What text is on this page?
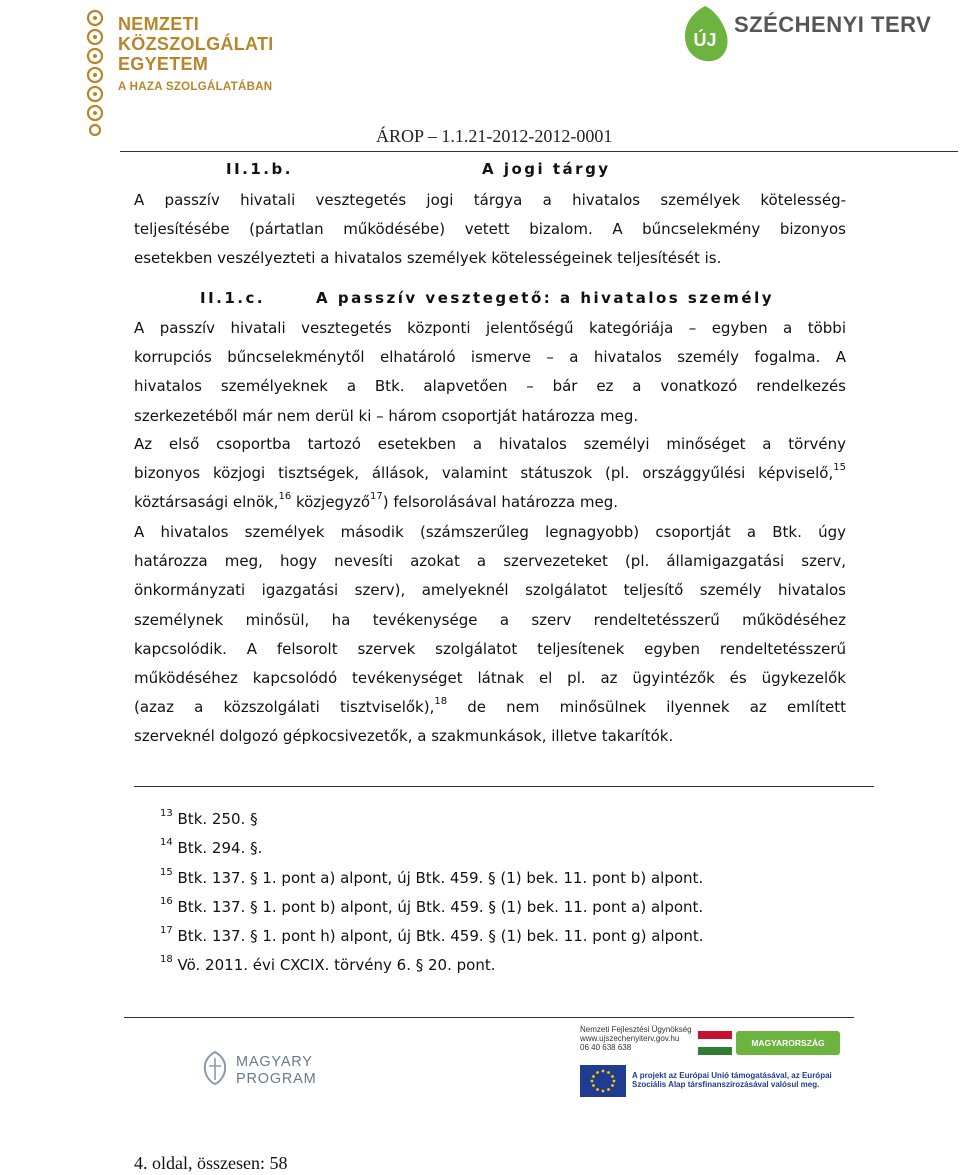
NEMZETI
KÖZSZOLGÁLATI
EGYETEM
A HAZA SZOLGÁLATÁBAN
ÚJ
SZÉCHENYI TERV
ÁROP – 1.1.21-2012-2012-0001
II.1.b.	A jogi tárgy
A passzív hivatali vesztegetés jogi tárgya a hivatalos személyek kötelesség-
teljesítésébe (pártatlan működésébe) vetett bizalom. A bűncselekmény bizonyos
esetekben veszélyezteti a hivatalos személyek kötelességeinek teljesítését is.
II.1.c.	A passzív vesztegető: a hivatalos személy
A passzív hivatali vesztegetés központi jelentőségű kategóriája – egyben a többi
korrupciós bűncselekménytől elhatároló ismerve – a hivatalos személy fogalma. A
hivatalos személyeknek a Btk. alapvetően – bár ez a vonatkozó rendelkezés
szerkezetéből már nem derül ki – három csoportját határozza meg.
Az első csoportba tartozó esetekben a hivatalos személyi minőséget a törvény
bizonyos közjogi tisztségek, állások, valamint státuszok (pl. országgyűlési képviselő,$^{15}$
köztársasági elnök,$^{16}$ közjegyző$^{17}$) felsorolásával határozza meg.
A hivatalos személyek második (számszerűleg legnagyobb) csoportját a Btk. úgy
határozza meg, hogy nevesíti azokat a szervezeteket (pl. államigazgatási szerv,
önkormányzati igazgatási szerv), amelyeknél szolgálatot teljesítő személy hivatalos
személynek minősül, ha tevékenysége a szerv rendeltetésszerű működéséhez
kapcsolódik. A felsorolt szervek szolgálatot teljesítenek egyben rendeltetésszerű
működéséhez kapcsolódó tevékenységet látnak el pl. az ügyintézők és ügykezelők
(azaz a közszolgálati tisztviselők),$^{18}$ de nem minősülnek ilyennek az említett
szerveknél dolgozó gépkocsivezetők, a szakmunkások, illetve takarítók.
$^{13}$ Btk. 250. §
$^{14}$ Btk. 294. §.
$^{15}$ Btk. 137. § 1. pont a) alpont, új Btk. 459. § (1) bek. 11. pont b) alpont.
$^{16}$ Btk. 137. § 1. pont b) alpont, új Btk. 459. § (1) bek. 11. pont a) alpont.
$^{17}$ Btk. 137. § 1. pont h) alpont, új Btk. 459. § (1) bek. 11. pont g) alpont.
$^{18}$ Vö. 2011. évi CXCIX. törvény 6. § 20. pont.
MAGYARY
PROGRAM
Nemzeti Fejlesztési Ügynökség
www.ujszechenyiterv.gov.hu
06 40 638 638	MAGYARORSZÁG MEGÚJUL
A projekt az Európai Unió támogatásával, az Európai
Szociális Alap társfinanszírozásával valósul meg.
4. oldal, összesen: 58
